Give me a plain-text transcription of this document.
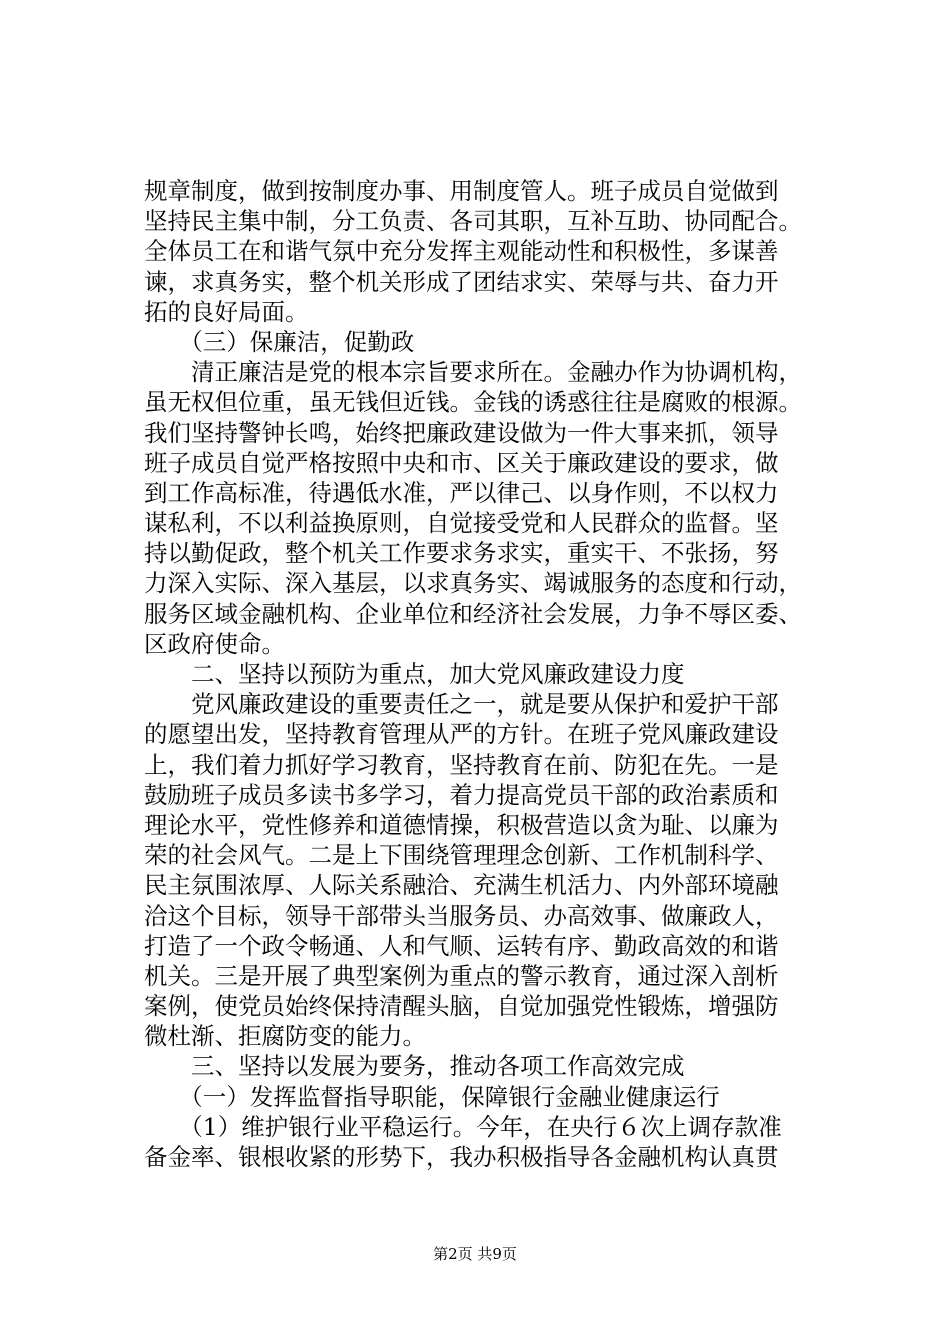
规章制度，做到按制度办事、用制度管人。班子成员自觉做到
坚持民主集中制，分工负责、各司其职，互补互助、协同配合。
全体员工在和谐气氛中充分发挥主观能动性和积极性，多谋善
谏，求真务实，整个机关形成了团结求实、荣辱与共、奋力开
拓的良好局面。
　　（三）保廉洁，促勤政
　　清正廉洁是党的根本宗旨要求所在。金融办作为协调机构，
虽无权但位重，虽无钱但近钱。金钱的诱惑往往是腐败的根源。
我们坚持警钟长鸣，始终把廉政建设做为一件大事来抓，领导
班子成员自觉严格按照中央和市、区关于廉政建设的要求，做
到工作高标准，待遇低水准，严以律己、以身作则，不以权力
谋私利，不以利益换原则，自觉接受党和人民群众的监督。坚
持以勤促政，整个机关工作要求务求实，重实干、不张扬，努
力深入实际、深入基层，以求真务实、竭诚服务的态度和行动，
服务区域金融机构、企业单位和经济社会发展，力争不辱区委、
区政府使命。
　　二、坚持以预防为重点，加大党风廉政建设力度
　　党风廉政建设的重要责任之一，就是要从保护和爱护干部
的愿望出发，坚持教育管理从严的方针。在班子党风廉政建设
上，我们着力抓好学习教育，坚持教育在前、防犯在先。一是
鼓励班子成员多读书多学习，着力提高党员干部的政治素质和
理论水平，党性修养和道德情操，积极营造以贪为耻、以廉为
荣的社会风气。二是上下围绕管理理念创新、工作机制科学、
民主氛围浓厚、人际关系融洽、充满生机活力、内外部环境融
洽这个目标，领导干部带头当服务员、办高效事、做廉政人，
打造了一个政令畅通、人和气顺、运转有序、勤政高效的和谐
机关。三是开展了典型案例为重点的警示教育，通过深入剖析
案例，使党员始终保持清醒头脑，自觉加强党性锻炼，增强防
微杜渐、拒腐防变的能力。
　　三、坚持以发展为要务，推动各项工作高效完成
　　（一）发挥监督指导职能，保障银行金融业健康运行
　　（1）维护银行业平稳运行。今年，在央行６次上调存款准
备金率、银根收紧的形势下，我办积极指导各金融机构认真贯
第2页 共9页
